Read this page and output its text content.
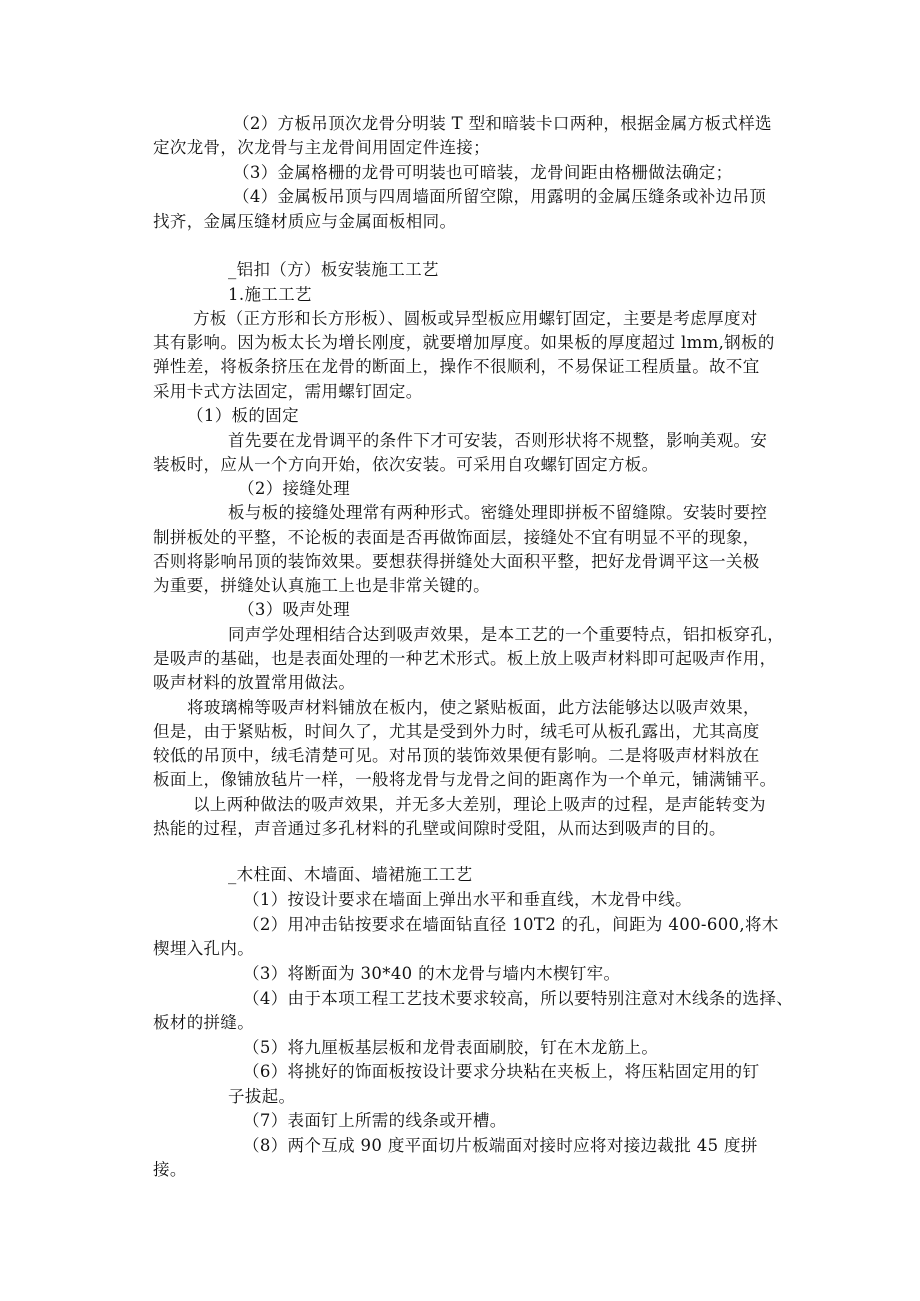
（2）方板吊顶次龙骨分明装 T 型和暗装卡口两种，根据金属方板式样选
定次龙骨，次龙骨与主龙骨间用固定件连接；
（3）金属格栅的龙骨可明装也可暗装，龙骨间距由格栅做法确定；
（4）金属板吊顶与四周墙面所留空隙，用露明的金属压缝条或补边吊顶
找齐，金属压缝材质应与金属面板相同。
_铝扣（方）板安装施工工艺
1.施工工艺
方板（正方形和长方形板）、圆板或异型板应用螺钉固定，主要是考虑厚度对
其有影响。因为板太长为增长刚度，就要增加厚度。如果板的厚度超过 lmm,钢板的
弹性差，将板条挤压在龙骨的断面上，操作不很顺利，不易保证工程质量。故不宜
采用卡式方法固定，需用螺钉固定。
（1）板的固定
首先要在龙骨调平的条件下才可安装，否则形状将不规整，影响美观。安
装板时，应从一个方向开始，依次安装。可采用自攻螺钉固定方板。
（2）接缝处理
板与板的接缝处理常有两种形式。密缝处理即拼板不留缝隙。安装时要控
制拼板处的平整，不论板的表面是否再做饰面层，接缝处不宜有明显不平的现象，
否则将影响吊顶的装饰效果。要想获得拼缝处大面积平整，把好龙骨调平这一关极
为重要，拼缝处认真施工上也是非常关键的。
（3）吸声处理
同声学处理相结合达到吸声效果，是本工艺的一个重要特点，铝扣板穿孔，
是吸声的基础，也是表面处理的一种艺术形式。板上放上吸声材料即可起吸声作用，
吸声材料的放置常用做法。
将玻璃棉等吸声材料铺放在板内，使之紧贴板面，此方法能够达以吸声效果，
但是，由于紧贴板，时间久了，尤其是受到外力时，绒毛可从板孔露出，尤其高度
较低的吊顶中，绒毛清楚可见。对吊顶的装饰效果便有影响。二是将吸声材料放在
板面上，像铺放毡片一样，一般将龙骨与龙骨之间的距离作为一个单元，铺满铺平。
以上两种做法的吸声效果，并无多大差别，理论上吸声的过程，是声能转变为
热能的过程，声音通过多孔材料的孔壁或间隙时受阻，从而达到吸声的目的。
_木柱面、木墙面、墙裙施工工艺
（1）按设计要求在墙面上弹出水平和垂直线，木龙骨中线。
（2）用冲击钻按要求在墙面钻直径 10T2 的孔，间距为 400-600,将木
楔埋入孔内。
（3）将断面为 30*40 的木龙骨与墙内木楔钉牢。
（4）由于本项工程工艺技术要求较高，所以要特别注意对木线条的选择、
板材的拼缝。
（5）将九厘板基层板和龙骨表面刷胶，钉在木龙筋上。
（6）将挑好的饰面板按设计要求分块粘在夹板上，将压粘固定用的钉
子拔起。
（7）表面钉上所需的线条或开槽。
（8）两个互成 90 度平面切片板端面对接时应将对接边裁批 45 度拼
接。
